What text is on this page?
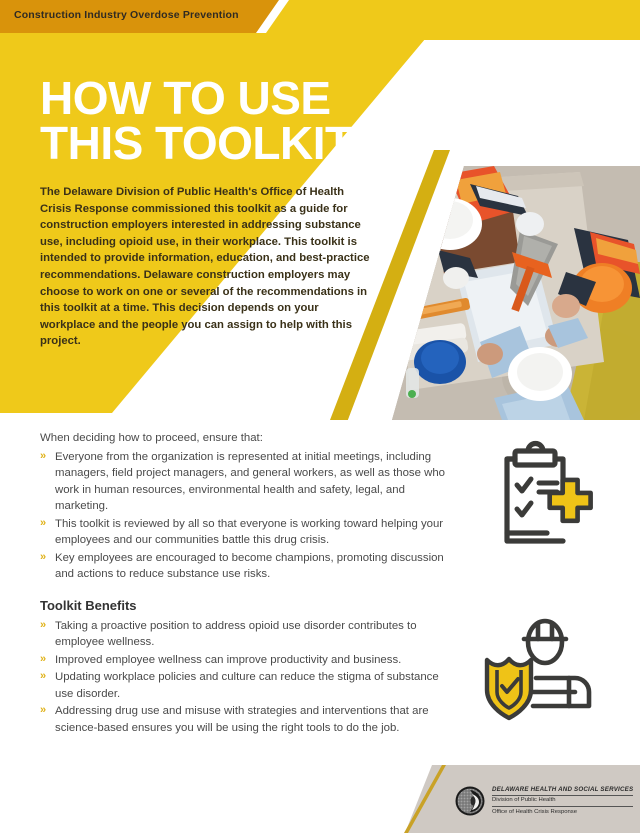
Construction Industry Overdose Prevention
HOW TO USE
THIS TOOLKIT
The Delaware Division of Public Health's Office of Health Crisis Response commissioned this toolkit as a guide for construction employers interested in addressing substance use, including opioid use, in their workplace. This toolkit is intended to provide information, education, and best-practice recommendations. Delaware construction employers may choose to work on one or several of the recommendations in this toolkit at a time. This decision depends on your workplace and the people you can assign to help with this project.

When deciding how to proceed, ensure that:

» Everyone from the organization is represented at initial meetings, including managers, field project managers, and general workers, as well as those who work in human resources, environmental health and safety, legal, and marketing.
» This toolkit is reviewed by all so that everyone is working toward helping your employees and our communities battle this drug crisis.
» Key employees are encouraged to become champions, promoting discussion and actions to reduce substance use risks.
Toolkit Benefits
» Taking a proactive position to address opioid use disorder contributes to employee wellness.
» Improved employee wellness can improve productivity and business.
» Updating workplace policies and culture can reduce the stigma of substance use disorder.
» Addressing drug use and misuse with strategies and interventions that are science-based ensures you will be using the right tools to do the job.
DELAWARE HEALTH AND SOCIAL SERVICES
Division of Public Health
Office of Health Crisis Response
